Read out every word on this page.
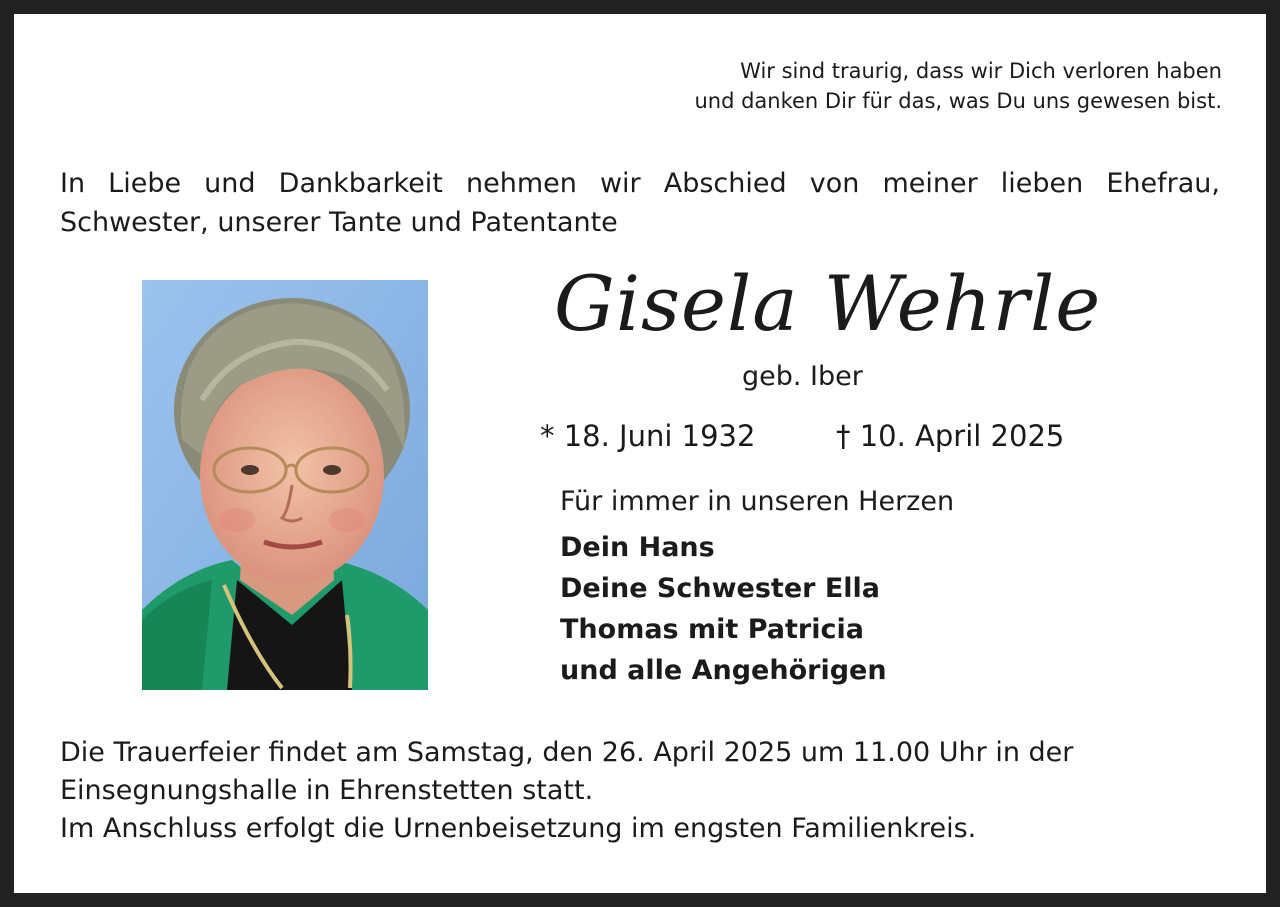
Wir sind traurig, dass wir Dich verloren haben
und danken Dir für das, was Du uns gewesen bist.
In Liebe und Dankbarkeit nehmen wir Abschied von meiner lieben Ehefrau,
Schwester, unserer Tante und Patentante
Gisela Wehrle
geb. Iber
* 18. Juni 1932	† 10. April 2025
Für immer in unseren Herzen
Dein Hans
Deine Schwester Ella
Thomas mit Patricia
und alle Angehörigen
Die Trauerfeier findet am Samstag, den 26. April 2025 um 11.00 Uhr in der
Einsegnungshalle in Ehrenstetten statt.
Im Anschluss erfolgt die Urnenbeisetzung im engsten Familienkreis.
